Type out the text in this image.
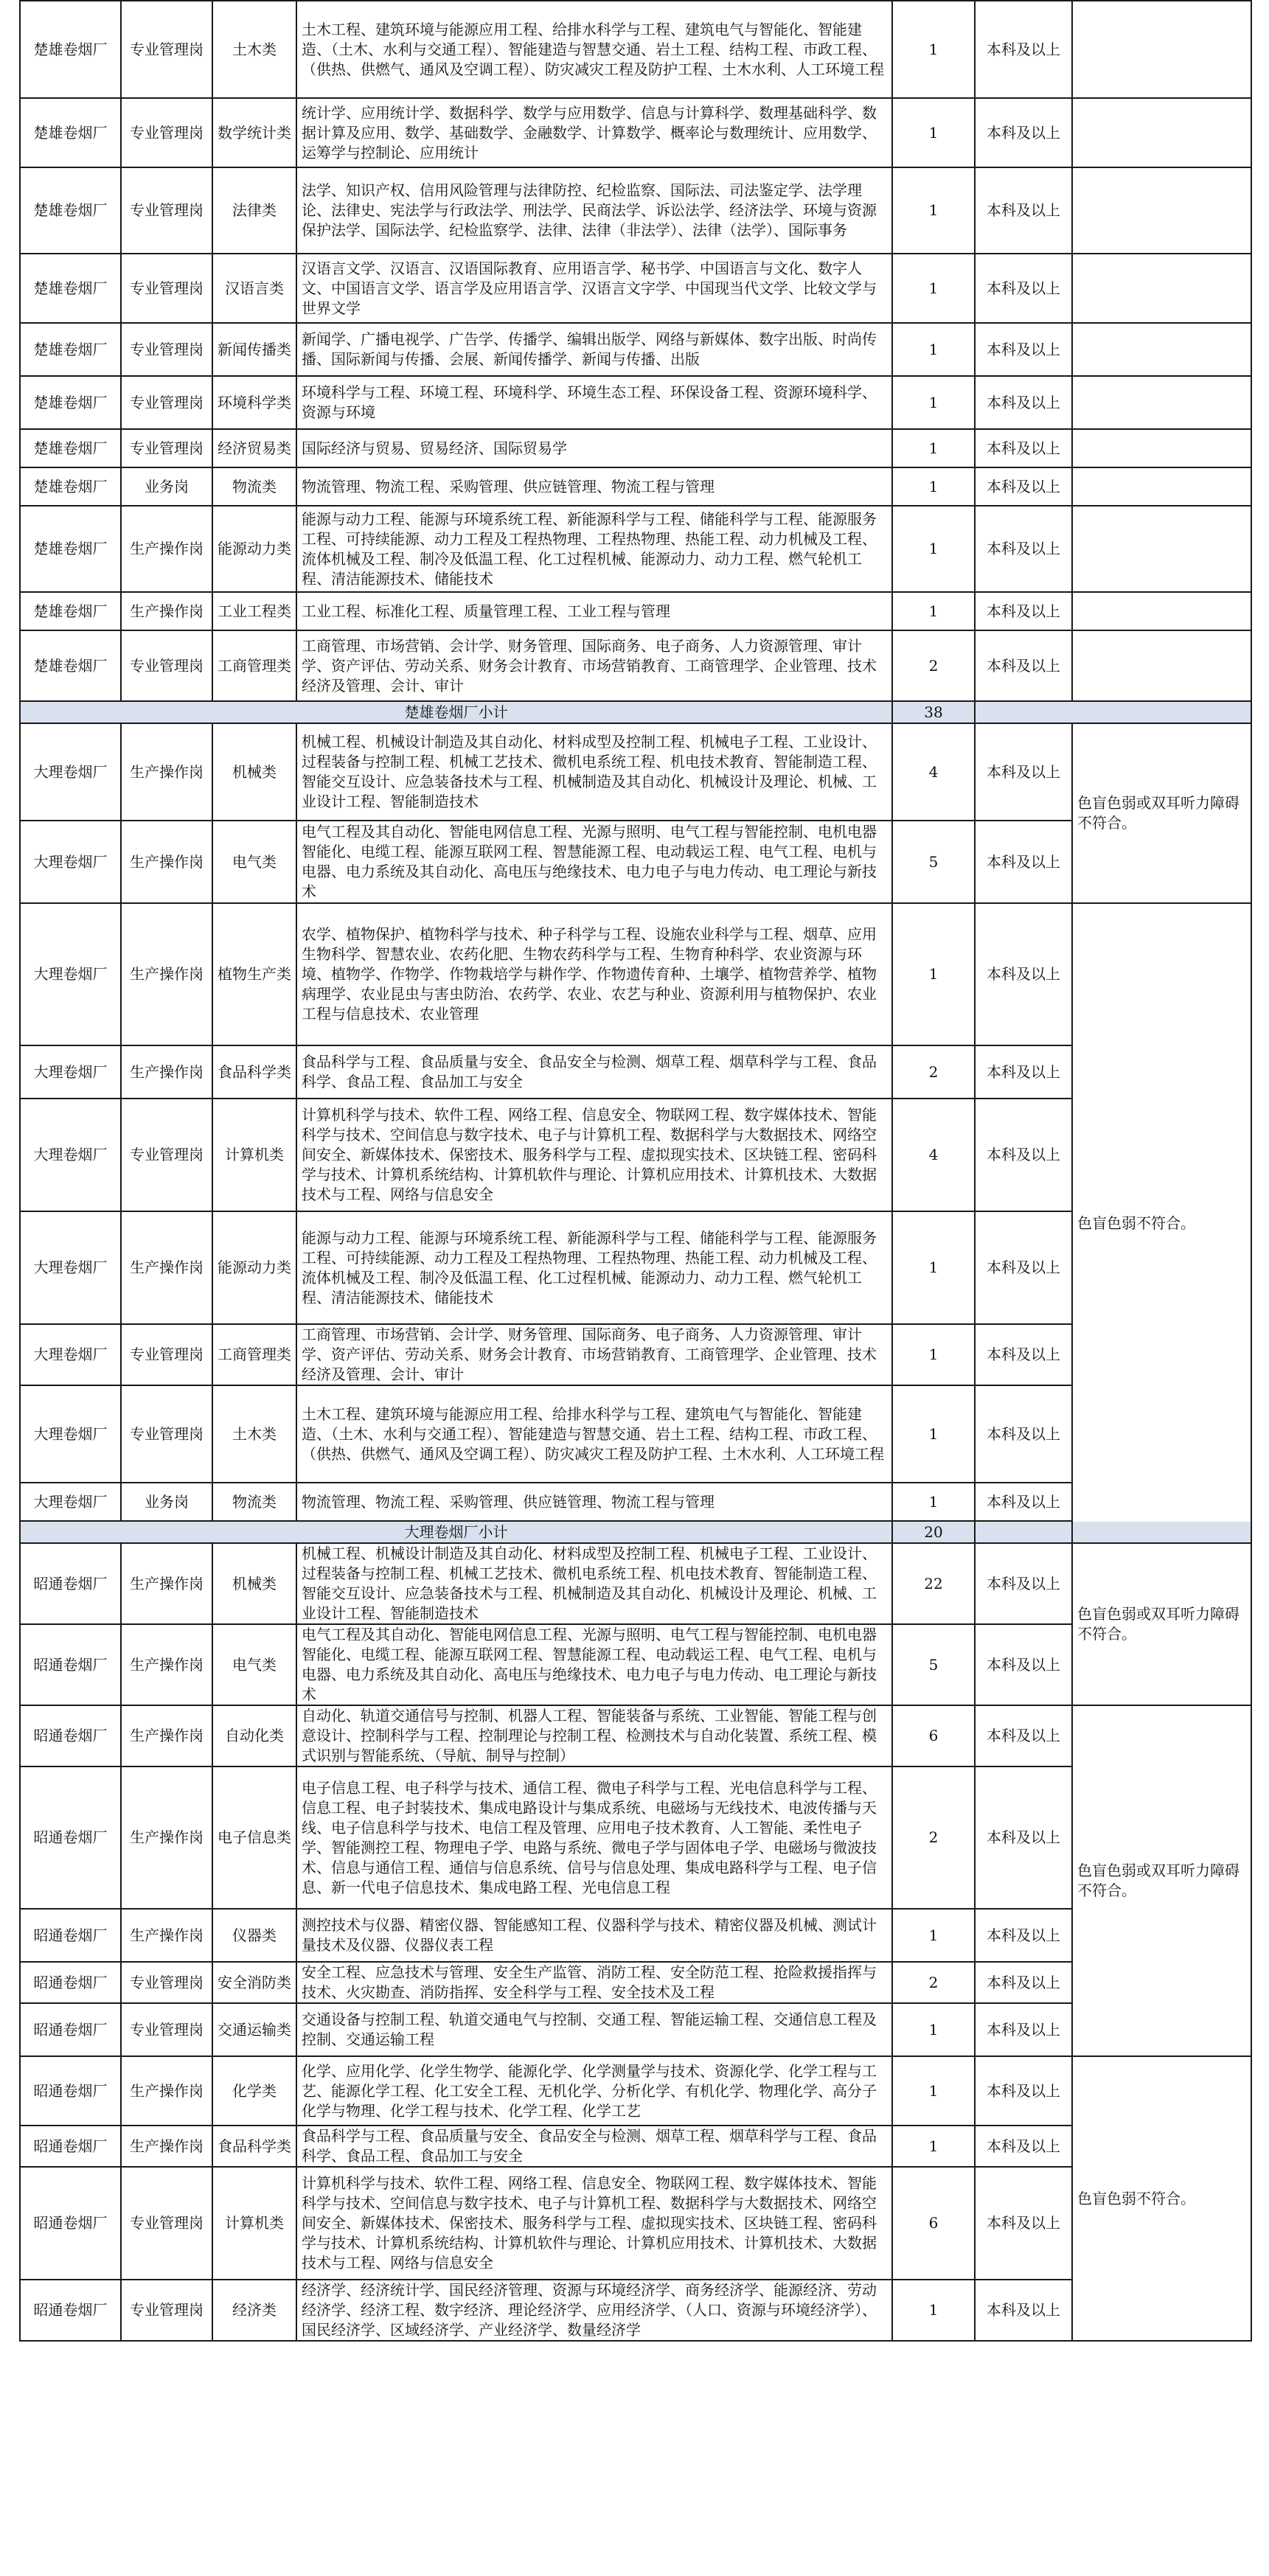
楚雄卷烟厂	专业管理岗	土木类	土木工程、建筑环境与能源应用工程、给排水科学与工程、建筑电气与智能化、智能建造、（土木、水利与交通工程）、智能建造与智慧交通、岩土工程、结构工程、市政工程、（供热、供燃气、通风及空调工程）、防灾减灾工程及防护工程、土木水利、人工环境工程	1	本科及以上	
楚雄卷烟厂	专业管理岗	数学统计类	统计学、应用统计学、数据科学、数学与应用数学、信息与计算科学、数理基础科学、数据计算及应用、数学、基础数学、金融数学、计算数学、概率论与数理统计、应用数学、运筹学与控制论、应用统计	1	本科及以上	
楚雄卷烟厂	专业管理岗	法律类	法学、知识产权、信用风险管理与法律防控、纪检监察、国际法、司法鉴定学、法学理论、法律史、宪法学与行政法学、刑法学、民商法学、诉讼法学、经济法学、环境与资源保护法学、国际法学、纪检监察学、法律、法律（非法学）、法律（法学）、国际事务	1	本科及以上	
楚雄卷烟厂	专业管理岗	汉语言类	汉语言文学、汉语言、汉语国际教育、应用语言学、秘书学、中国语言与文化、数字人文、中国语言文学、语言学及应用语言学、汉语言文字学、中国现当代文学、比较文学与世界文学	1	本科及以上	
楚雄卷烟厂	专业管理岗	新闻传播类	新闻学、广播电视学、广告学、传播学、编辑出版学、网络与新媒体、数字出版、时尚传播、国际新闻与传播、会展、新闻传播学、新闻与传播、出版	1	本科及以上	
楚雄卷烟厂	专业管理岗	环境科学类	环境科学与工程、环境工程、环境科学、环境生态工程、环保设备工程、资源环境科学、资源与环境	1	本科及以上	
楚雄卷烟厂	专业管理岗	经济贸易类	国际经济与贸易、贸易经济、国际贸易学	1	本科及以上	
楚雄卷烟厂	业务岗	物流类	物流管理、物流工程、采购管理、供应链管理、物流工程与管理	1	本科及以上	
楚雄卷烟厂	生产操作岗	能源动力类	能源与动力工程、能源与环境系统工程、新能源科学与工程、储能科学与工程、能源服务工程、可持续能源、动力工程及工程热物理、工程热物理、热能工程、动力机械及工程、流体机械及工程、制冷及低温工程、化工过程机械、能源动力、动力工程、燃气轮机工程、清洁能源技术、储能技术	1	本科及以上	
楚雄卷烟厂	生产操作岗	工业工程类	工业工程、标准化工程、质量管理工程、工业工程与管理	1	本科及以上	
楚雄卷烟厂	专业管理岗	工商管理类	工商管理、市场营销、会计学、财务管理、国际商务、电子商务、人力资源管理、审计学、资产评估、劳动关系、财务会计教育、市场营销教育、工商管理学、企业管理、技术经济及管理、会计、审计	2	本科及以上	
楚雄卷烟厂小计				38		
大理卷烟厂	生产操作岗	机械类	机械工程、机械设计制造及其自动化、材料成型及控制工程、机械电子工程、工业设计、过程装备与控制工程、机械工艺技术、微机电系统工程、机电技术教育、智能制造工程、智能交互设计、应急装备技术与工程、机械制造及其自动化、机械设计及理论、机械、工业设计工程、智能制造技术	4	本科及以上	色盲色弱或双耳听力障碍不符合。
大理卷烟厂	生产操作岗	电气类	电气工程及其自动化、智能电网信息工程、光源与照明、电气工程与智能控制、电机电器智能化、电缆工程、能源互联网工程、智慧能源工程、电动载运工程、电气工程、电机与电器、电力系统及其自动化、高电压与绝缘技术、电力电子与电力传动、电工理论与新技术	5	本科及以上	
大理卷烟厂	生产操作岗	植物生产类	农学、植物保护、植物科学与技术、种子科学与工程、设施农业科学与工程、烟草、应用生物科学、智慧农业、农药化肥、生物农药科学与工程、生物育种科学、农业资源与环境、植物学、作物学、作物栽培学与耕作学、作物遗传育种、土壤学、植物营养学、植物病理学、农业昆虫与害虫防治、农药学、农业、农艺与种业、资源利用与植物保护、农业工程与信息技术、农业管理	1	本科及以上	色盲色弱不符合。
大理卷烟厂	生产操作岗	食品科学类	食品科学与工程、食品质量与安全、食品安全与检测、烟草工程、烟草科学与工程、食品科学、食品工程、食品加工与安全	2	本科及以上	
大理卷烟厂	专业管理岗	计算机类	计算机科学与技术、软件工程、网络工程、信息安全、物联网工程、数字媒体技术、智能科学与技术、空间信息与数字技术、电子与计算机工程、数据科学与大数据技术、网络空间安全、新媒体技术、保密技术、服务科学与工程、虚拟现实技术、区块链工程、密码科学与技术、计算机系统结构、计算机软件与理论、计算机应用技术、计算机技术、大数据技术与工程、网络与信息安全	4	本科及以上	
大理卷烟厂	生产操作岗	能源动力类	能源与动力工程、能源与环境系统工程、新能源科学与工程、储能科学与工程、能源服务工程、可持续能源、动力工程及工程热物理、工程热物理、热能工程、动力机械及工程、流体机械及工程、制冷及低温工程、化工过程机械、能源动力、动力工程、燃气轮机工程、清洁能源技术、储能技术	1	本科及以上	
大理卷烟厂	专业管理岗	工商管理类	工商管理、市场营销、会计学、财务管理、国际商务、电子商务、人力资源管理、审计学、资产评估、劳动关系、财务会计教育、市场营销教育、工商管理学、企业管理、技术经济及管理、会计、审计	1	本科及以上	
大理卷烟厂	专业管理岗	土木类	土木工程、建筑环境与能源应用工程、给排水科学与工程、建筑电气与智能化、智能建造、（土木、水利与交通工程）、智能建造与智慧交通、岩土工程、结构工程、市政工程、（供热、供燃气、通风及空调工程）、防灾减灾工程及防护工程、土木水利、人工环境工程	1	本科及以上	
大理卷烟厂	业务岗	物流类	物流管理、物流工程、采购管理、供应链管理、物流工程与管理	1	本科及以上	
大理卷烟厂小计				20		
昭通卷烟厂	生产操作岗	机械类	机械工程、机械设计制造及其自动化、材料成型及控制工程、机械电子工程、工业设计、过程装备与控制工程、机械工艺技术、微机电系统工程、机电技术教育、智能制造工程、智能交互设计、应急装备技术与工程、机械制造及其自动化、机械设计及理论、机械、工业设计工程、智能制造技术	22	本科及以上	色盲色弱或双耳听力障碍不符合。
昭通卷烟厂	生产操作岗	电气类	电气工程及其自动化、智能电网信息工程、光源与照明、电气工程与智能控制、电机电器智能化、电缆工程、能源互联网工程、智慧能源工程、电动载运工程、电气工程、电机与电器、电力系统及其自动化、高电压与绝缘技术、电力电子与电力传动、电工理论与新技术	5	本科及以上	
昭通卷烟厂	生产操作岗	自动化类	自动化、轨道交通信号与控制、机器人工程、智能装备与系统、工业智能、智能工程与创意设计、控制科学与工程、控制理论与控制工程、检测技术与自动化装置、系统工程、模式识别与智能系统、（导航、制导与控制）	6	本科及以上	色盲色弱或双耳听力障碍不符合。
昭通卷烟厂	生产操作岗	电子信息类	电子信息工程、电子科学与技术、通信工程、微电子科学与工程、光电信息科学与工程、信息工程、电子封装技术、集成电路设计与集成系统、电磁场与无线技术、电波传播与天线、电子信息科学与技术、电信工程及管理、应用电子技术教育、人工智能、柔性电子学、智能测控工程、物理电子学、电路与系统、微电子学与固体电子学、电磁场与微波技术、信息与通信工程、通信与信息系统、信号与信息处理、集成电路科学与工程、电子信息、新一代电子信息技术、集成电路工程、光电信息工程	2	本科及以上	
昭通卷烟厂	生产操作岗	仪器类	测控技术与仪器、精密仪器、智能感知工程、仪器科学与技术、精密仪器及机械、测试计量技术及仪器、仪器仪表工程	1	本科及以上	
昭通卷烟厂	专业管理岗	安全消防类	安全工程、应急技术与管理、安全生产监管、消防工程、安全防范工程、抢险救援指挥与技术、火灾勘查、消防指挥、安全科学与工程、安全技术及工程	2	本科及以上	
昭通卷烟厂	专业管理岗	交通运输类	交通设备与控制工程、轨道交通电气与控制、交通工程、智能运输工程、交通信息工程及控制、交通运输工程	1	本科及以上	
昭通卷烟厂	生产操作岗	化学类	化学、应用化学、化学生物学、能源化学、化学测量学与技术、资源化学、化学工程与工艺、能源化学工程、化工安全工程、无机化学、分析化学、有机化学、物理化学、高分子化学与物理、化学工程与技术、化学工程、化学工艺	1	本科及以上	色盲色弱不符合。
昭通卷烟厂	生产操作岗	食品科学类	食品科学与工程、食品质量与安全、食品安全与检测、烟草工程、烟草科学与工程、食品科学、食品工程、食品加工与安全	1	本科及以上	
昭通卷烟厂	专业管理岗	计算机类	计算机科学与技术、软件工程、网络工程、信息安全、物联网工程、数字媒体技术、智能科学与技术、空间信息与数字技术、电子与计算机工程、数据科学与大数据技术、网络空间安全、新媒体技术、保密技术、服务科学与工程、虚拟现实技术、区块链工程、密码科学与技术、计算机系统结构、计算机软件与理论、计算机应用技术、计算机技术、大数据技术与工程、网络与信息安全	6	本科及以上	
昭通卷烟厂	专业管理岗	经济类	经济学、经济统计学、国民经济管理、资源与环境经济学、商务经济学、能源经济、劳动经济学、经济工程、数字经济、理论经济学、应用经济学、（人口、资源与环境经济学）、国民经济学、区域经济学、产业经济学、数量经济学	1	本科及以上	
